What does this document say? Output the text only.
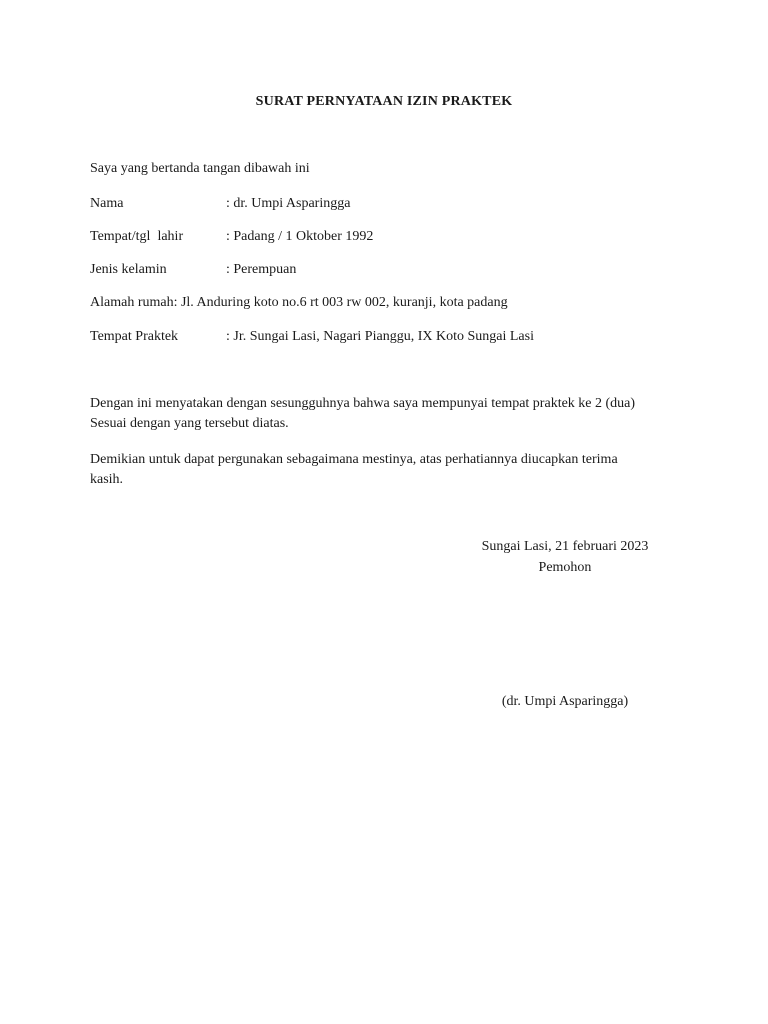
SURAT PERNYATAAN IZIN PRAKTEK
Saya yang bertanda tangan dibawah ini
Nama	: dr. Umpi Asparingga
Tempat/tgl  lahir	: Padang / 1 Oktober 1992
Jenis kelamin	: Perempuan
Alamah rumah: Jl. Anduring koto no.6 rt 003 rw 002, kuranji, kota padang
Tempat Praktek	: Jr. Sungai Lasi, Nagari Pianggu, IX Koto Sungai Lasi
Dengan ini menyatakan dengan sesungguhnya bahwa saya mempunyai tempat praktek ke 2 (dua)
Sesuai dengan yang tersebut diatas.
Demikian untuk dapat pergunakan sebagaimana mestinya, atas perhatiannya diucapkan terima
kasih.
Sungai Lasi, 21 februari 2023
Pemohon
(dr. Umpi Asparingga)
